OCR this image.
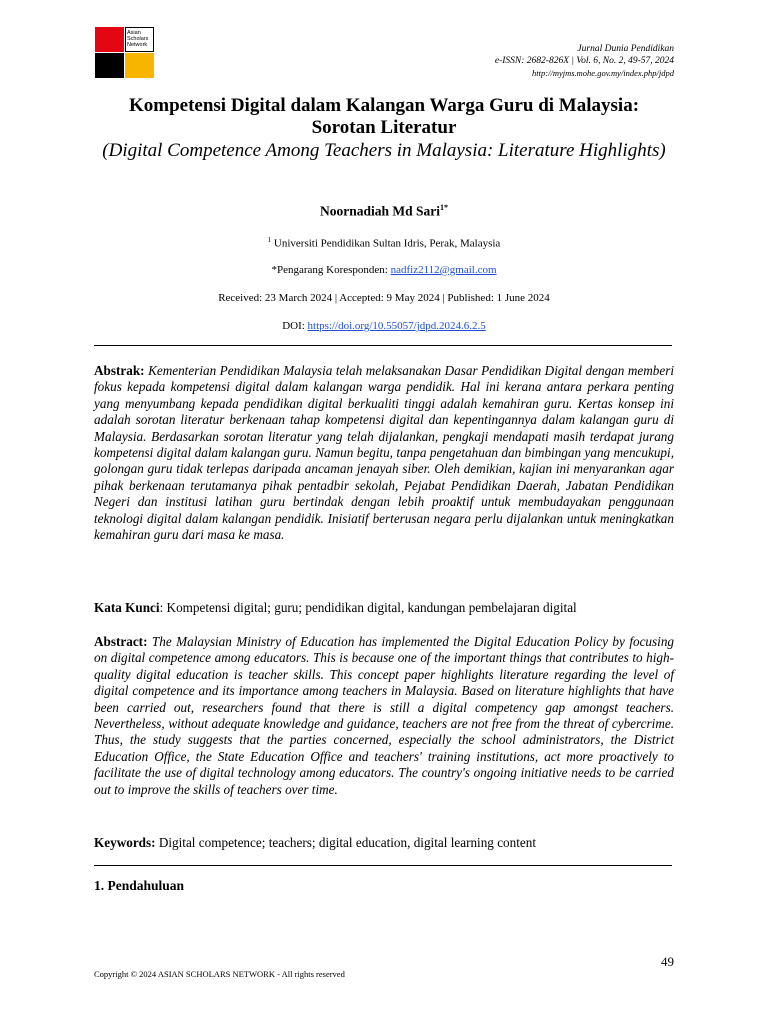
Asian Scholars Network	Jurnal Dunia Pendidikan
e-ISSN: 2682-826X | Vol. 6, No. 2, 49-57, 2024
http://myjms.mohe.gov.my/index.php/jdpd
Kompetensi Digital dalam Kalangan Warga Guru di Malaysia: Sorotan Literatur
(Digital Competence Among Teachers in Malaysia: Literature Highlights)
Noornadiah Md Sari$^{1*}$
$^1$ Universiti Pendidikan Sultan Idris, Perak, Malaysia
*Pengarang Koresponden: nadfiz2112@gmail.com
Received: 23 March 2024 | Accepted: 9 May 2024 | Published: 1 June 2024
DOI: https://doi.org/10.55057/jdpd.2024.6.2.5
Abstrak: Kementerian Pendidikan Malaysia telah melaksanakan Dasar Pendidikan Digital dengan memberi fokus kepada kompetensi digital dalam kalangan warga pendidik. Hal ini kerana antara perkara penting yang menyumbang kepada pendidikan digital berkualiti tinggi adalah kemahiran guru. Kertas konsep ini adalah sorotan literatur berkenaan tahap kompetensi digital dan kepentingannya dalam kalangan guru di Malaysia. Berdasarkan sorotan literatur yang telah dijalankan, pengkaji mendapati masih terdapat jurang kompetensi digital dalam kalangan guru. Namun begitu, tanpa pengetahuan dan bimbingan yang mencukupi, golongan guru tidak terlepas daripada ancaman jenayah siber. Oleh demikian, kajian ini menyarankan agar pihak berkenaan terutamanya pihak pentadbir sekolah, Pejabat Pendidikan Daerah, Jabatan Pendidikan Negeri dan institusi latihan guru bertindak dengan lebih proaktif untuk membudayakan penggunaan teknologi digital dalam kalangan pendidik. Inisiatif berterusan negara perlu dijalankan untuk meningkatkan kemahiran guru dari masa ke masa.
Kata Kunci: Kompetensi digital; guru; pendidikan digital, kandungan pembelajaran digital
Abstract: The Malaysian Ministry of Education has implemented the Digital Education Policy by focusing on digital competence among educators. This is because one of the important things that contributes to high-quality digital education is teacher skills. This concept paper highlights literature regarding the level of digital competence and its importance among teachers in Malaysia. Based on literature highlights that have been carried out, researchers found that there is still a digital competency gap amongst teachers. Nevertheless, without adequate knowledge and guidance, teachers are not free from the threat of cybercrime. Thus, the study suggests that the parties concerned, especially the school administrators, the District Education Office, the State Education Office and teachers' training institutions, act more proactively to facilitate the use of digital technology among educators. The country's ongoing initiative needs to be carried out to improve the skills of teachers over time.
Keywords: Digital competence; teachers; digital education, digital learning content
1. Pendahuluan
49
Copyright © 2024 ASIAN SCHOLARS NETWORK - All rights reserved
